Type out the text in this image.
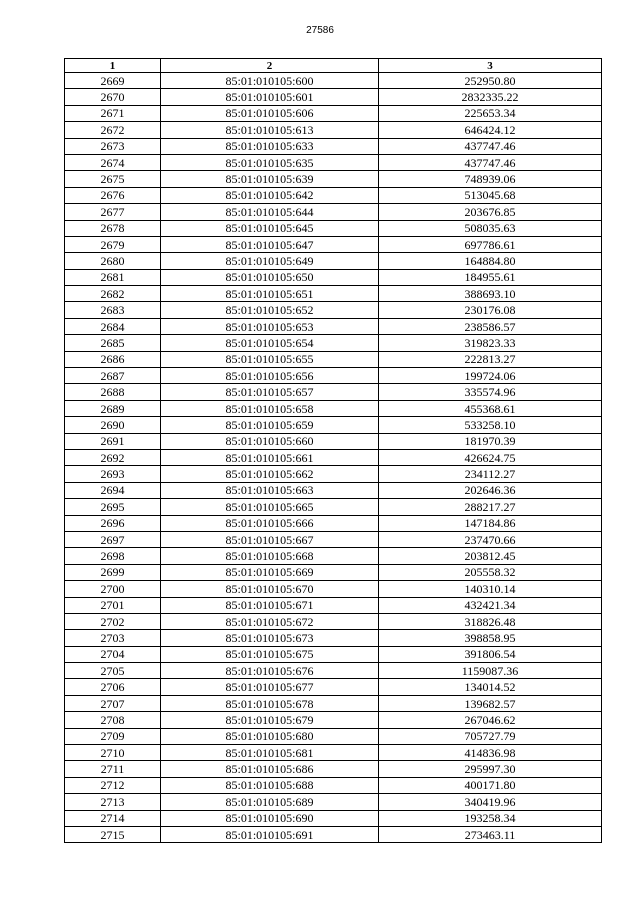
27586
1	2	3
2669	85:01:010105:600	252950.80
2670	85:01:010105:601	2832335.22
2671	85:01:010105:606	225653.34
2672	85:01:010105:613	646424.12
2673	85:01:010105:633	437747.46
2674	85:01:010105:635	437747.46
2675	85:01:010105:639	748939.06
2676	85:01:010105:642	513045.68
2677	85:01:010105:644	203676.85
2678	85:01:010105:645	508035.63
2679	85:01:010105:647	697786.61
2680	85:01:010105:649	164884.80
2681	85:01:010105:650	184955.61
2682	85:01:010105:651	388693.10
2683	85:01:010105:652	230176.08
2684	85:01:010105:653	238586.57
2685	85:01:010105:654	319823.33
2686	85:01:010105:655	222813.27
2687	85:01:010105:656	199724.06
2688	85:01:010105:657	335574.96
2689	85:01:010105:658	455368.61
2690	85:01:010105:659	533258.10
2691	85:01:010105:660	181970.39
2692	85:01:010105:661	426624.75
2693	85:01:010105:662	234112.27
2694	85:01:010105:663	202646.36
2695	85:01:010105:665	288217.27
2696	85:01:010105:666	147184.86
2697	85:01:010105:667	237470.66
2698	85:01:010105:668	203812.45
2699	85:01:010105:669	205558.32
2700	85:01:010105:670	140310.14
2701	85:01:010105:671	432421.34
2702	85:01:010105:672	318826.48
2703	85:01:010105:673	398858.95
2704	85:01:010105:675	391806.54
2705	85:01:010105:676	1159087.36
2706	85:01:010105:677	134014.52
2707	85:01:010105:678	139682.57
2708	85:01:010105:679	267046.62
2709	85:01:010105:680	705727.79
2710	85:01:010105:681	414836.98
2711	85:01:010105:686	295997.30
2712	85:01:010105:688	400171.80
2713	85:01:010105:689	340419.96
2714	85:01:010105:690	193258.34
2715	85:01:010105:691	273463.11
